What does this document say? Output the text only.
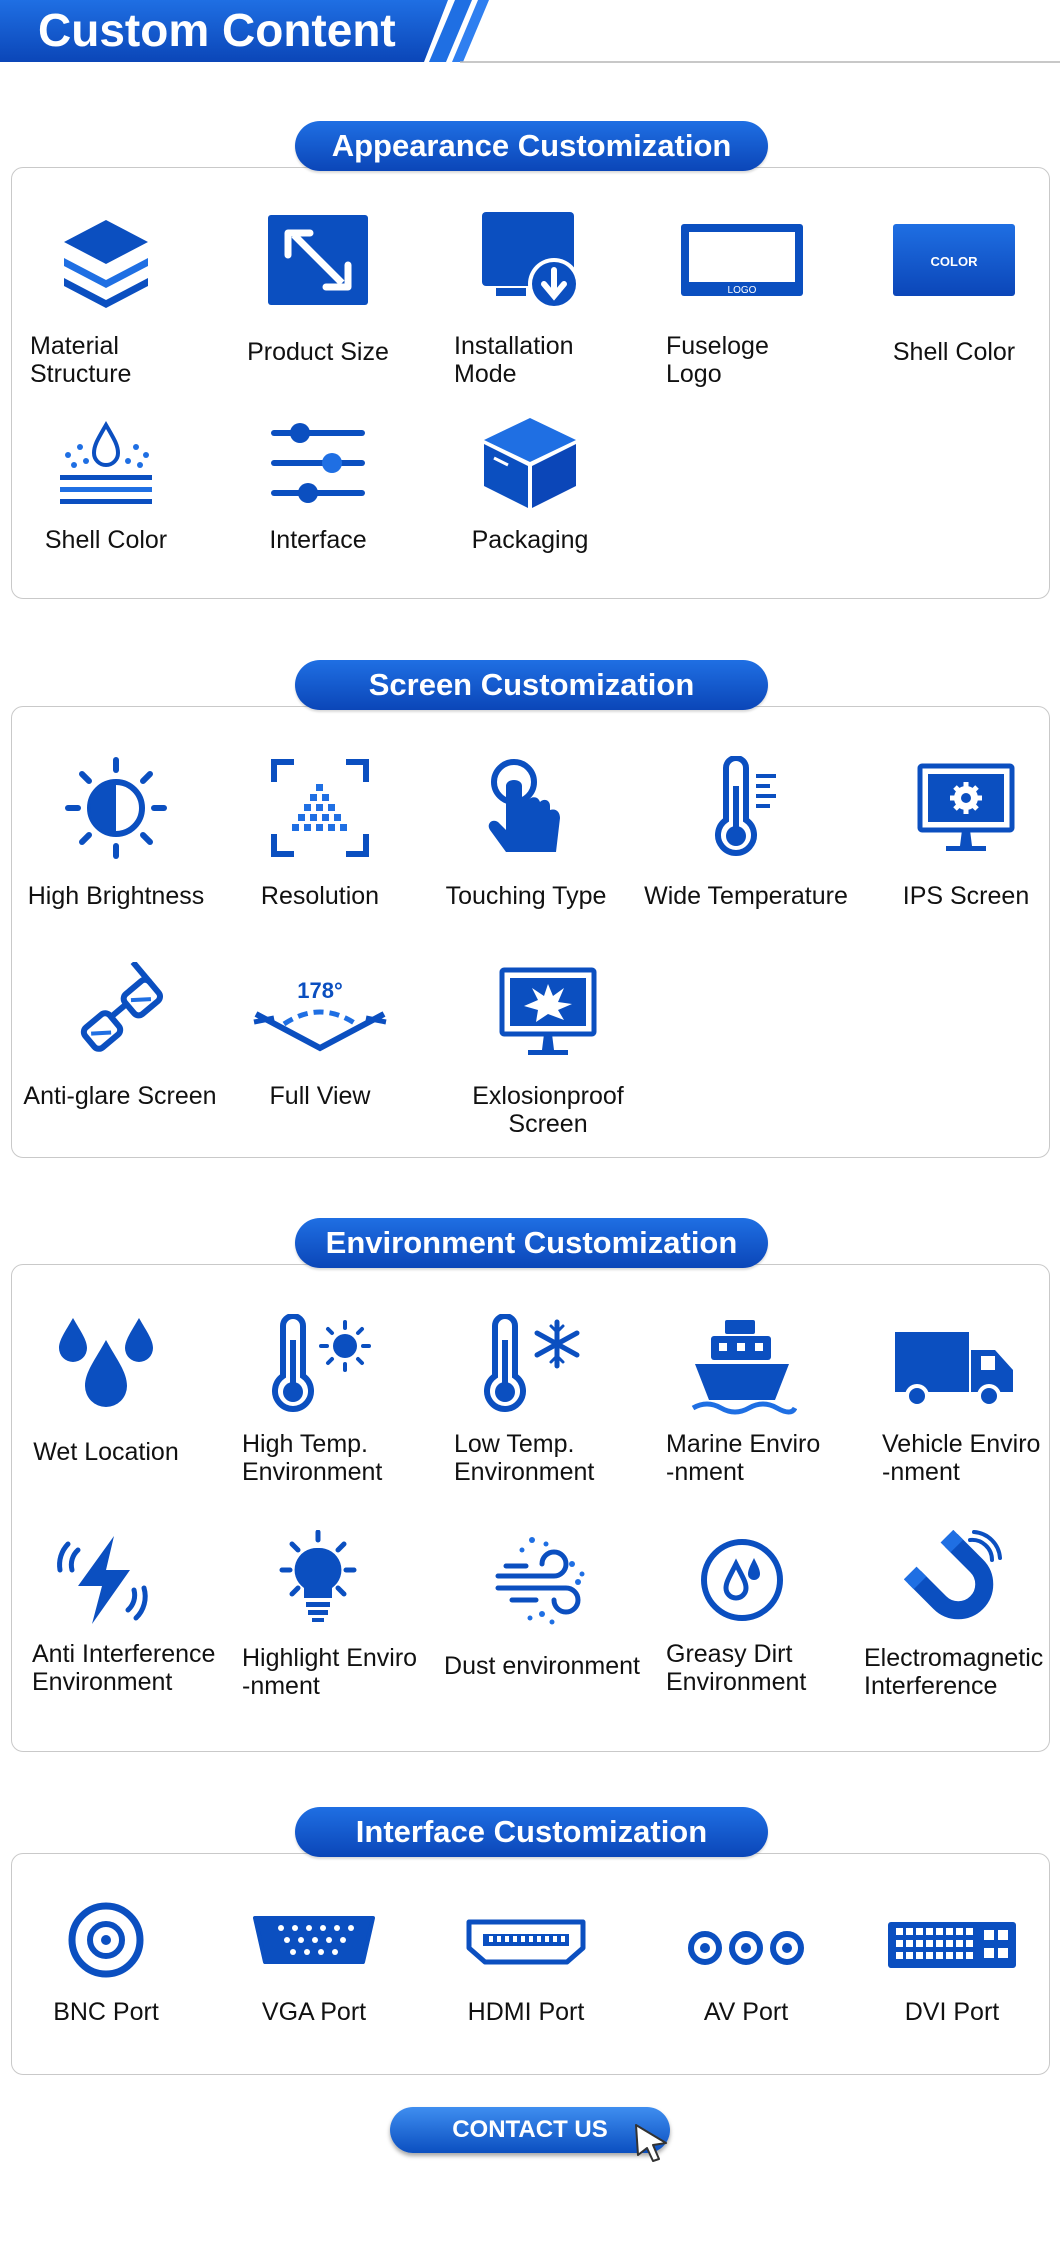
Custom Content
Appearance Customization
Material
Structure
Product Size	Installation
Mode
LOGO
Fuseloge
Logo
COLOR
Shell Color
Shell Color	Interface	Packaging
Screen Customization
High Brightness	Resolution	Touching Type	Wide Temperature	IPS Screen
Anti-glare Screen
178°
Full View	Exlosionproof Screen
Environment Customization
Wet Location	High Temp.
Environment
Low Temp.
Environment
Marine Enviro
-nment
Vehicle Enviro
-nment
Anti Interference
Environment
Highlight Enviro
-nment
Dust environment	Greasy Dirt
Environment
Electromagnetic
Interference
Interface Customization
BNC Port	VGA Port	HDMI Port	AV Port	DVI Port
CONTACT US
